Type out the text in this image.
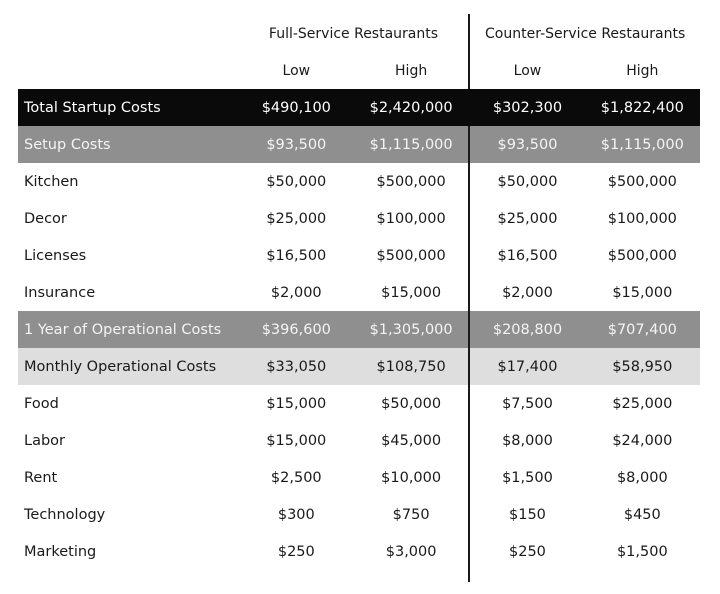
	Full-Service Restaurants		Counter-Service Restaurants	
	Low	High	Low	High
Total Startup Costs	$490,100	$2,420,000	$302,300	$1,822,400
Setup Costs	$93,500	$1,115,000	$93,500	$1,115,000
Kitchen	$50,000	$500,000	$50,000	$500,000
Decor	$25,000	$100,000	$25,000	$100,000
Licenses	$16,500	$500,000	$16,500	$500,000
Insurance	$2,000	$15,000	$2,000	$15,000
1 Year of Operational Costs	$396,600	$1,305,000	$208,800	$707,400
Monthly Operational Costs	$33,050	$108,750	$17,400	$58,950
Food	$15,000	$50,000	$7,500	$25,000
Labor	$15,000	$45,000	$8,000	$24,000
Rent	$2,500	$10,000	$1,500	$8,000
Technology	$300	$750	$150	$450
Marketing	$250	$3,000	$250	$1,500
